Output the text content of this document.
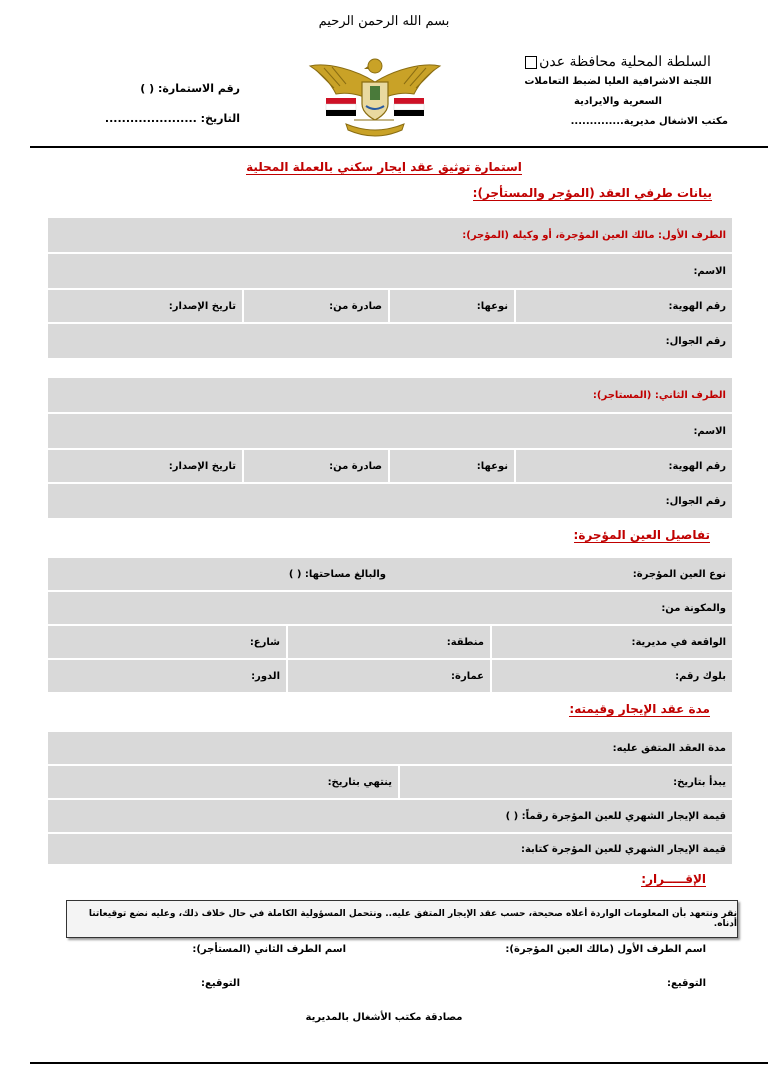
بسم الله الرحمن الرحيم
السلطة المحلية محافظة عدن
اللجنة الاشرافية العليا لضبط التعاملات
السعرية والايرادية
مكتب الاشغال مديرية..............
رقم الاستمارة: ( )
التاريخ: ......................
استمارة توثيق عقد ايجار سكني بالعملة المحلية
بيانات طرفي العقد (المؤجر والمستأجر):
الطرف الأول: مالك العين المؤجرة، أو وكيله (المؤجر):
الاسم:
رقم الهوية:
نوعها:
صادرة من:
تاريخ الإصدار:
رقم الجوال:
الطرف الثاني: (المستاجر):
الاسم:
رقم الهوية:
نوعها:
صادرة من:
تاريخ الإصدار:
رقم الجوال:
تفاصيل العين المؤجرة:
نوع العين المؤجرة:
والبالغ مساحتها: ( )
والمكونة من:
الواقعة في مديرية:
منطقة:
شارع:
بلوك رقم:
عمارة:
الدور:
مدة عقد الإيجار وقيمته:
مدة العقد المتفق عليه:
يبدأ بتاريخ:
ينتهي بتاريخ:
قيمة الإيجار الشهري للعين المؤجرة رقماً: ( )
قيمة الإيجار الشهري للعين المؤجرة كتابة:
الإقـــــرار:
نقر ونتعهد بأن المعلومات الواردة أعلاه صحيحة، حسب عقد الإيجار المتفق عليه.. ونتحمل المسؤولية الكاملة في حال خلاف ذلك، وعليه نضع توقيعاتنا أدناه.
اسم الطرف الأول (مالك العين المؤجرة):
اسم الطرف الثاني (المستأجر):
التوقيع:
التوقيع:
مصادقة مكتب الأشغال بالمديرية
